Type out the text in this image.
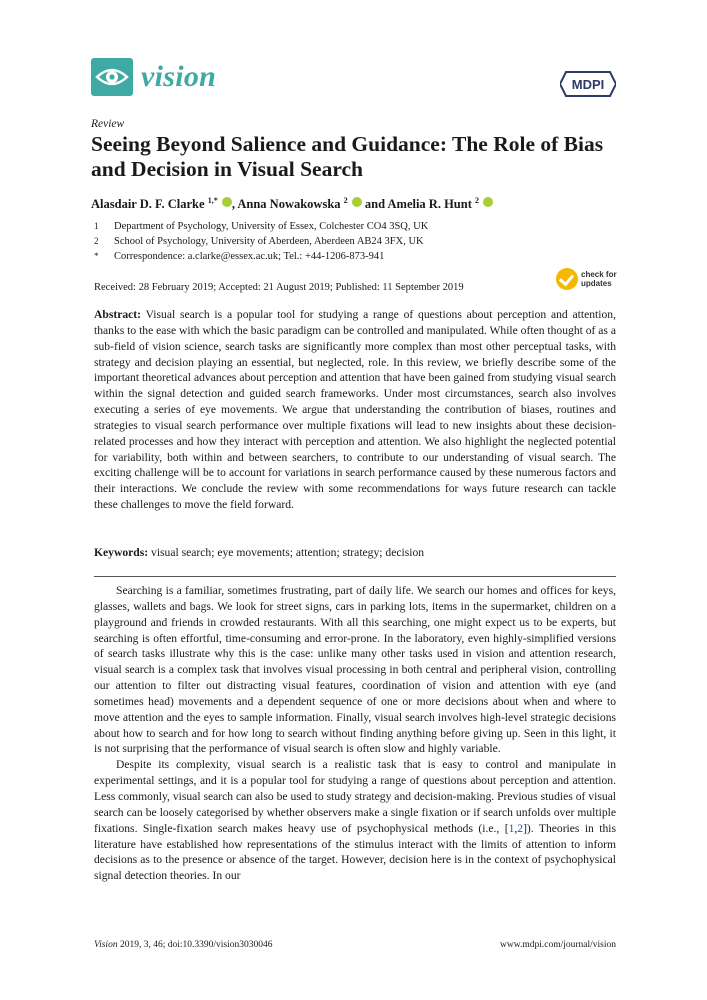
vision	MDPI
Review
Seeing Beyond Salience and Guidance: The Role of Bias and Decision in Visual Search
Alasdair D. F. Clarke $^{1,*}$ , Anna Nowakowska $^2$  and Amelia R. Hunt $^2$
1	Department of Psychology, University of Essex, Colchester CO4 3SQ, UK
2	School of Psychology, University of Aberdeen, Aberdeen AB24 3FX, UK
*	Correspondence: a.clarke@essex.ac.uk; Tel.: +44-1206-873-941
Received: 28 February 2019; Accepted: 21 August 2019; Published: 11 September 2019
check for
updates
Abstract: Visual search is a popular tool for studying a range of questions about perception and attention, thanks to the ease with which the basic paradigm can be controlled and manipulated. While often thought of as a sub-field of vision science, search tasks are significantly more complex than most other perceptual tasks, with strategy and decision playing an essential, but neglected, role. In this review, we briefly describe some of the important theoretical advances about perception and attention that have been gained from studying visual search within the signal detection and guided search frameworks. Under most circumstances, search also involves executing a series of eye movements. We argue that understanding the contribution of biases, routines and strategies to visual search performance over multiple fixations will lead to new insights about these decision-related processes and how they interact with perception and attention. We also highlight the neglected potential for variability, both within and between searchers, to contribute to our understanding of visual search. The exciting challenge will be to account for variations in search performance caused by these numerous factors and their interactions. We conclude the review with some recommendations for ways future research can tackle these challenges to move the field forward.
Keywords: visual search; eye movements; attention; strategy; decision

Searching is a familiar, sometimes frustrating, part of daily life. We search our homes and offices for keys, glasses, wallets and bags. We look for street signs, cars in parking lots, items in the supermarket, children on a playground and friends in crowded restaurants. With all this searching, one might expect us to be experts, but searching is often effortful, time-consuming and error-prone. In the laboratory, even highly-simplified versions of search tasks illustrate why this is the case: unlike many other tasks used in vision and attention research, visual search is a complex task that involves visual processing in both central and peripheral vision, controlling our attention to filter out distracting visual features, coordination of vision and attention with eye (and sometimes head) movements and a dependent sequence of one or more decisions about when and where to move attention and the eyes to sample information. Finally, visual search involves high-level strategic decisions about how to search and for how long to search without finding anything before giving up. Seen in this light, it is not surprising that the performance of visual search is often slow and highly variable.

Despite its complexity, visual search is a realistic task that is easy to control and manipulate in experimental settings, and it is a popular tool for studying a range of questions about perception and attention. Less commonly, visual search can also be used to study strategy and decision-making. Previous studies of visual search can be loosely categorised by whether observers make a single fixation or if search unfolds over multiple fixations. Single-fixation search makes heavy use of psychophysical methods (i.e., [1,2]). Theories in this literature have established how representations of the stimulus interact with the limits of attention to inform decisions as to the presence or absence of the target. However, decision here is in the context of psychophysical signal detection theories. In our

Vision 2019, 3, 46; doi:10.3390/vision3030046	www.mdpi.com/journal/vision
